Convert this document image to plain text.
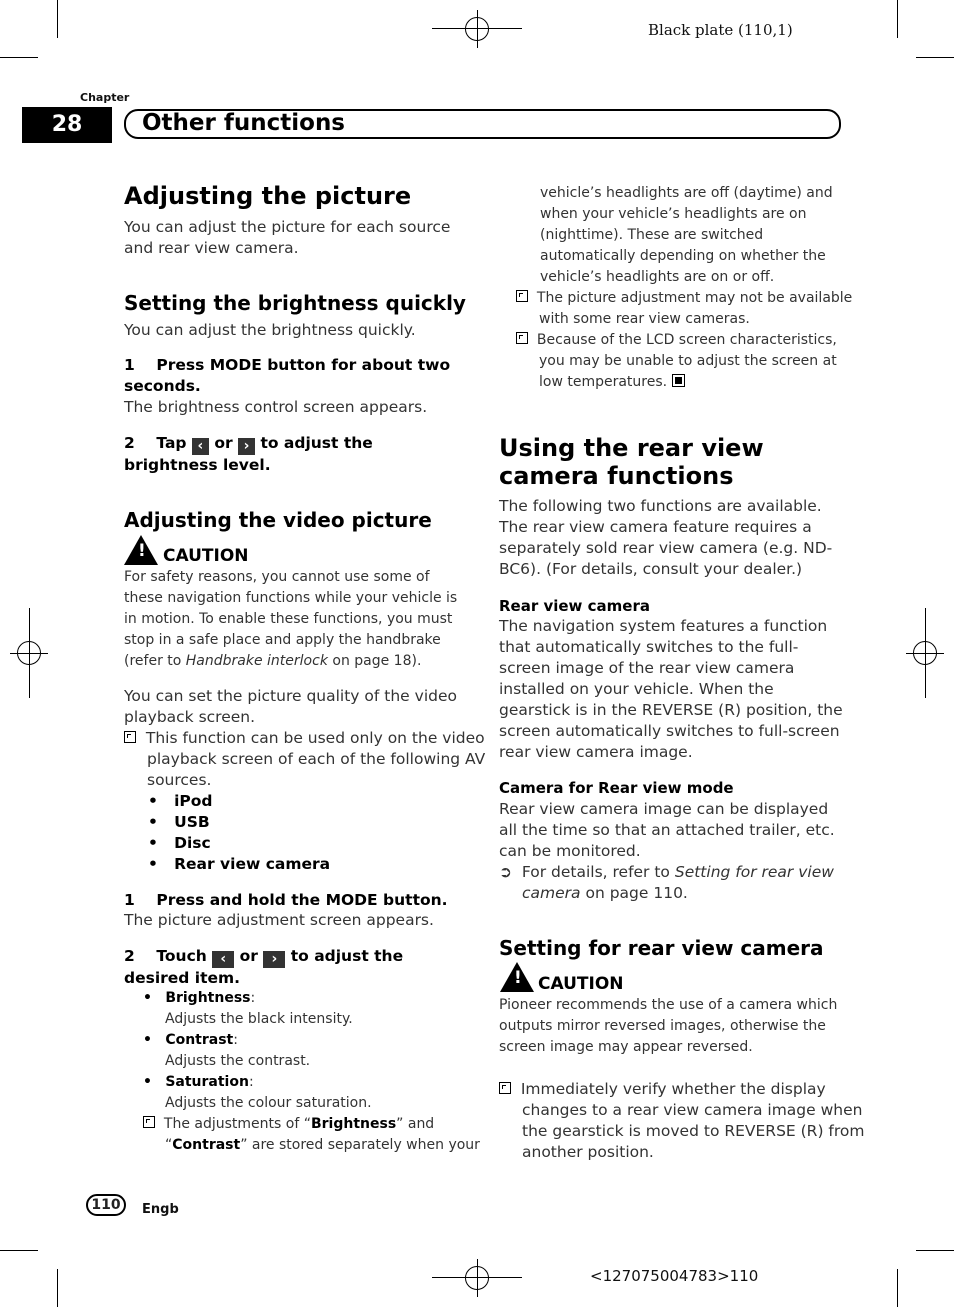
Black plate (110,1)
Chapter
28	Other functions
Adjusting the picture

You can adjust the picture for each source and rear view camera.

Setting the brightness quickly

You can adjust the brightness quickly.

1 Press MODE button for about two seconds.

The brightness control screen appears.

2 Tap ‹ or › to adjust the brightness level.
Adjusting the video picture
! CAUTION
For safety reasons, you cannot use some of these navigation functions while your vehicle is in motion. To enable these functions, you must stop in a safe place and apply the handbrake (refer to Handbrake interlock on page 18).

You can set the picture quality of the video playback screen.

This function can be used only on the video playback screen of each of the following AV sources.
•   iPod
•   USB
•   Disc
•   Rear view camera
1 Press and hold the MODE button.

The picture adjustment screen appears.

2 Touch ‹ or › to adjust the desired item.
• Brightness:
Adjusts the black intensity.
• Contrast:
Adjusts the contrast.
• Saturation:
Adjusts the colour saturation.
The adjustments of “Brightness” and “Contrast” are stored separately when your

vehicle’s headlights are off (daytime) and when your vehicle’s headlights are on (nighttime). These are switched automatically depending on whether the vehicle’s headlights are on or off.

The picture adjustment may not be available with some rear view cameras.
Because of the LCD screen characteristics, you may be unable to adjust the screen at low temperatures.
Using the rear view camera functions

The following two functions are available. The rear view camera feature requires a separately sold rear view camera (e.g. ND-BC6). (For details, consult your dealer.)

Rear view camera

The navigation system features a function that automatically switches to the full-screen image of the rear view camera installed on your vehicle. When the gearstick is in the REVERSE (R) position, the screen automatically switches to full-screen rear view camera image.

Camera for Rear view mode

Rear view camera image can be displayed all the time so that an attached trailer, etc. can be monitored.

➲ For details, refer to Setting for rear view camera on page 110.
Setting for rear view camera
! CAUTION

Pioneer recommends the use of a camera which outputs mirror reversed images, otherwise the screen image may appear reversed.

Immediately verify whether the display changes to a rear view camera image when the gearstick is moved to REVERSE (R) from another position.
110	Engb
<127075004783>110
